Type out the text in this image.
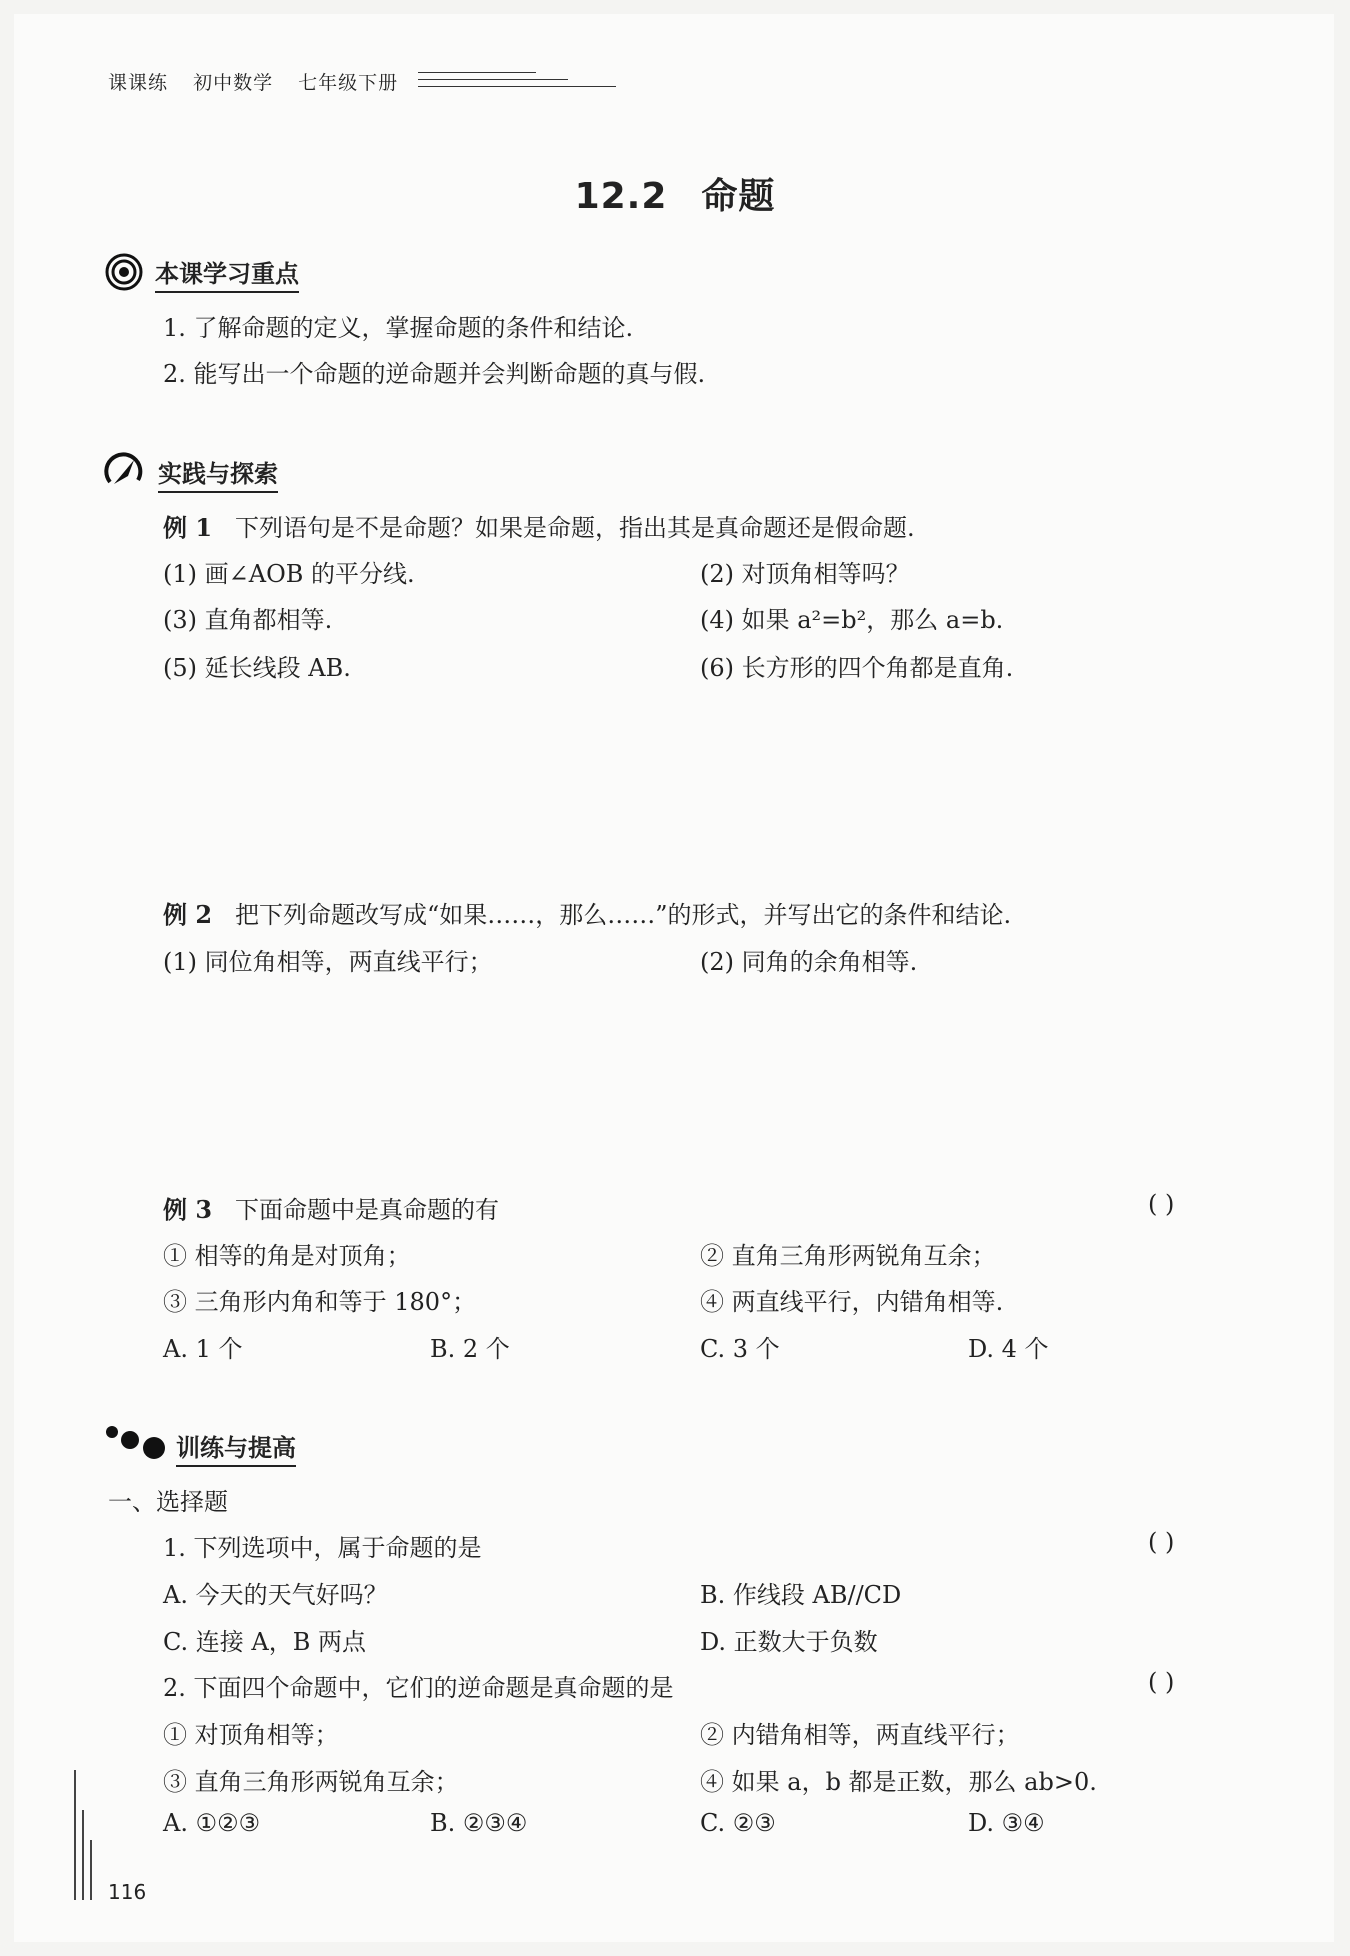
课课练 初中数学 七年级下册
12.2 命题
本课学习重点
1. 了解命题的定义，掌握命题的条件和结论.
2. 能写出一个命题的逆命题并会判断命题的真与假.
实践与探索
例 1 下列语句是不是命题？如果是命题，指出其是真命题还是假命题.
(1) 画∠AOB 的平分线.	(2) 对顶角相等吗？
(3) 直角都相等.	(4) 如果 a²=b²，那么 a=b.
(5) 延长线段 AB.	(6) 长方形的四个角都是直角.
例 2 把下列命题改写成“如果……，那么……”的形式，并写出它的条件和结论.
(1) 同位角相等，两直线平行；	(2) 同角的余角相等.
例 3 下面命题中是真命题的有	( )
① 相等的角是对顶角；	② 直角三角形两锐角互余；
③ 三角形内角和等于 180°；	④ 两直线平行，内错角相等.
A. 1 个	B. 2 个	C. 3 个	D. 4 个
训练与提高
一、选择题
1. 下列选项中，属于命题的是	( )
A. 今天的天气好吗？	B. 作线段 AB//CD
C. 连接 A，B 两点	D. 正数大于负数
2. 下面四个命题中，它们的逆命题是真命题的是	( )
① 对顶角相等；	② 内错角相等，两直线平行；
③ 直角三角形两锐角互余；	④ 如果 a，b 都是正数，那么 ab>0.
A. ①②③	B. ②③④	C. ②③	D. ③④
116
